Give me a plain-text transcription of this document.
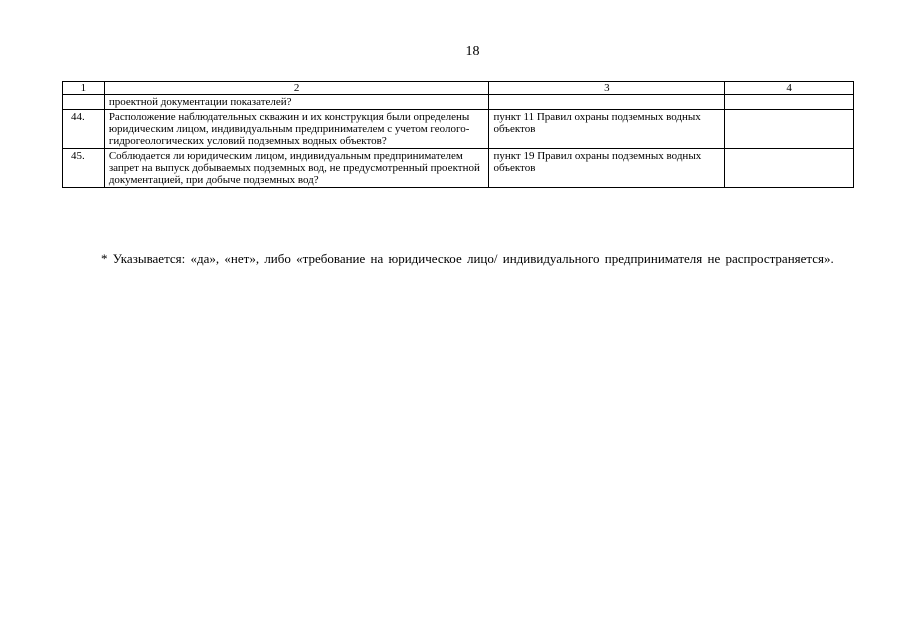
18
1	2	3	4
	проектной документации показателей?		
44.	Расположение наблюдательных скважин и их конструкция были определены юридическим лицом, индивидуальным предпринимателем с учетом геолого-гидрогеологических условий подземных водных объектов?	пункт 11 Правил охраны подземных водных объектов	
45.	Соблюдается ли юридическим лицом, индивидуальным предпринимателем запрет на выпуск добываемых подземных вод, не предусмотренный проектной документацией, при добыче подземных вод?	пункт 19 Правил охраны подземных водных объектов	
* Указывается: «да», «нет», либо «требование на юридическое лицо/ индивидуального предпринимателя не распространяется».
